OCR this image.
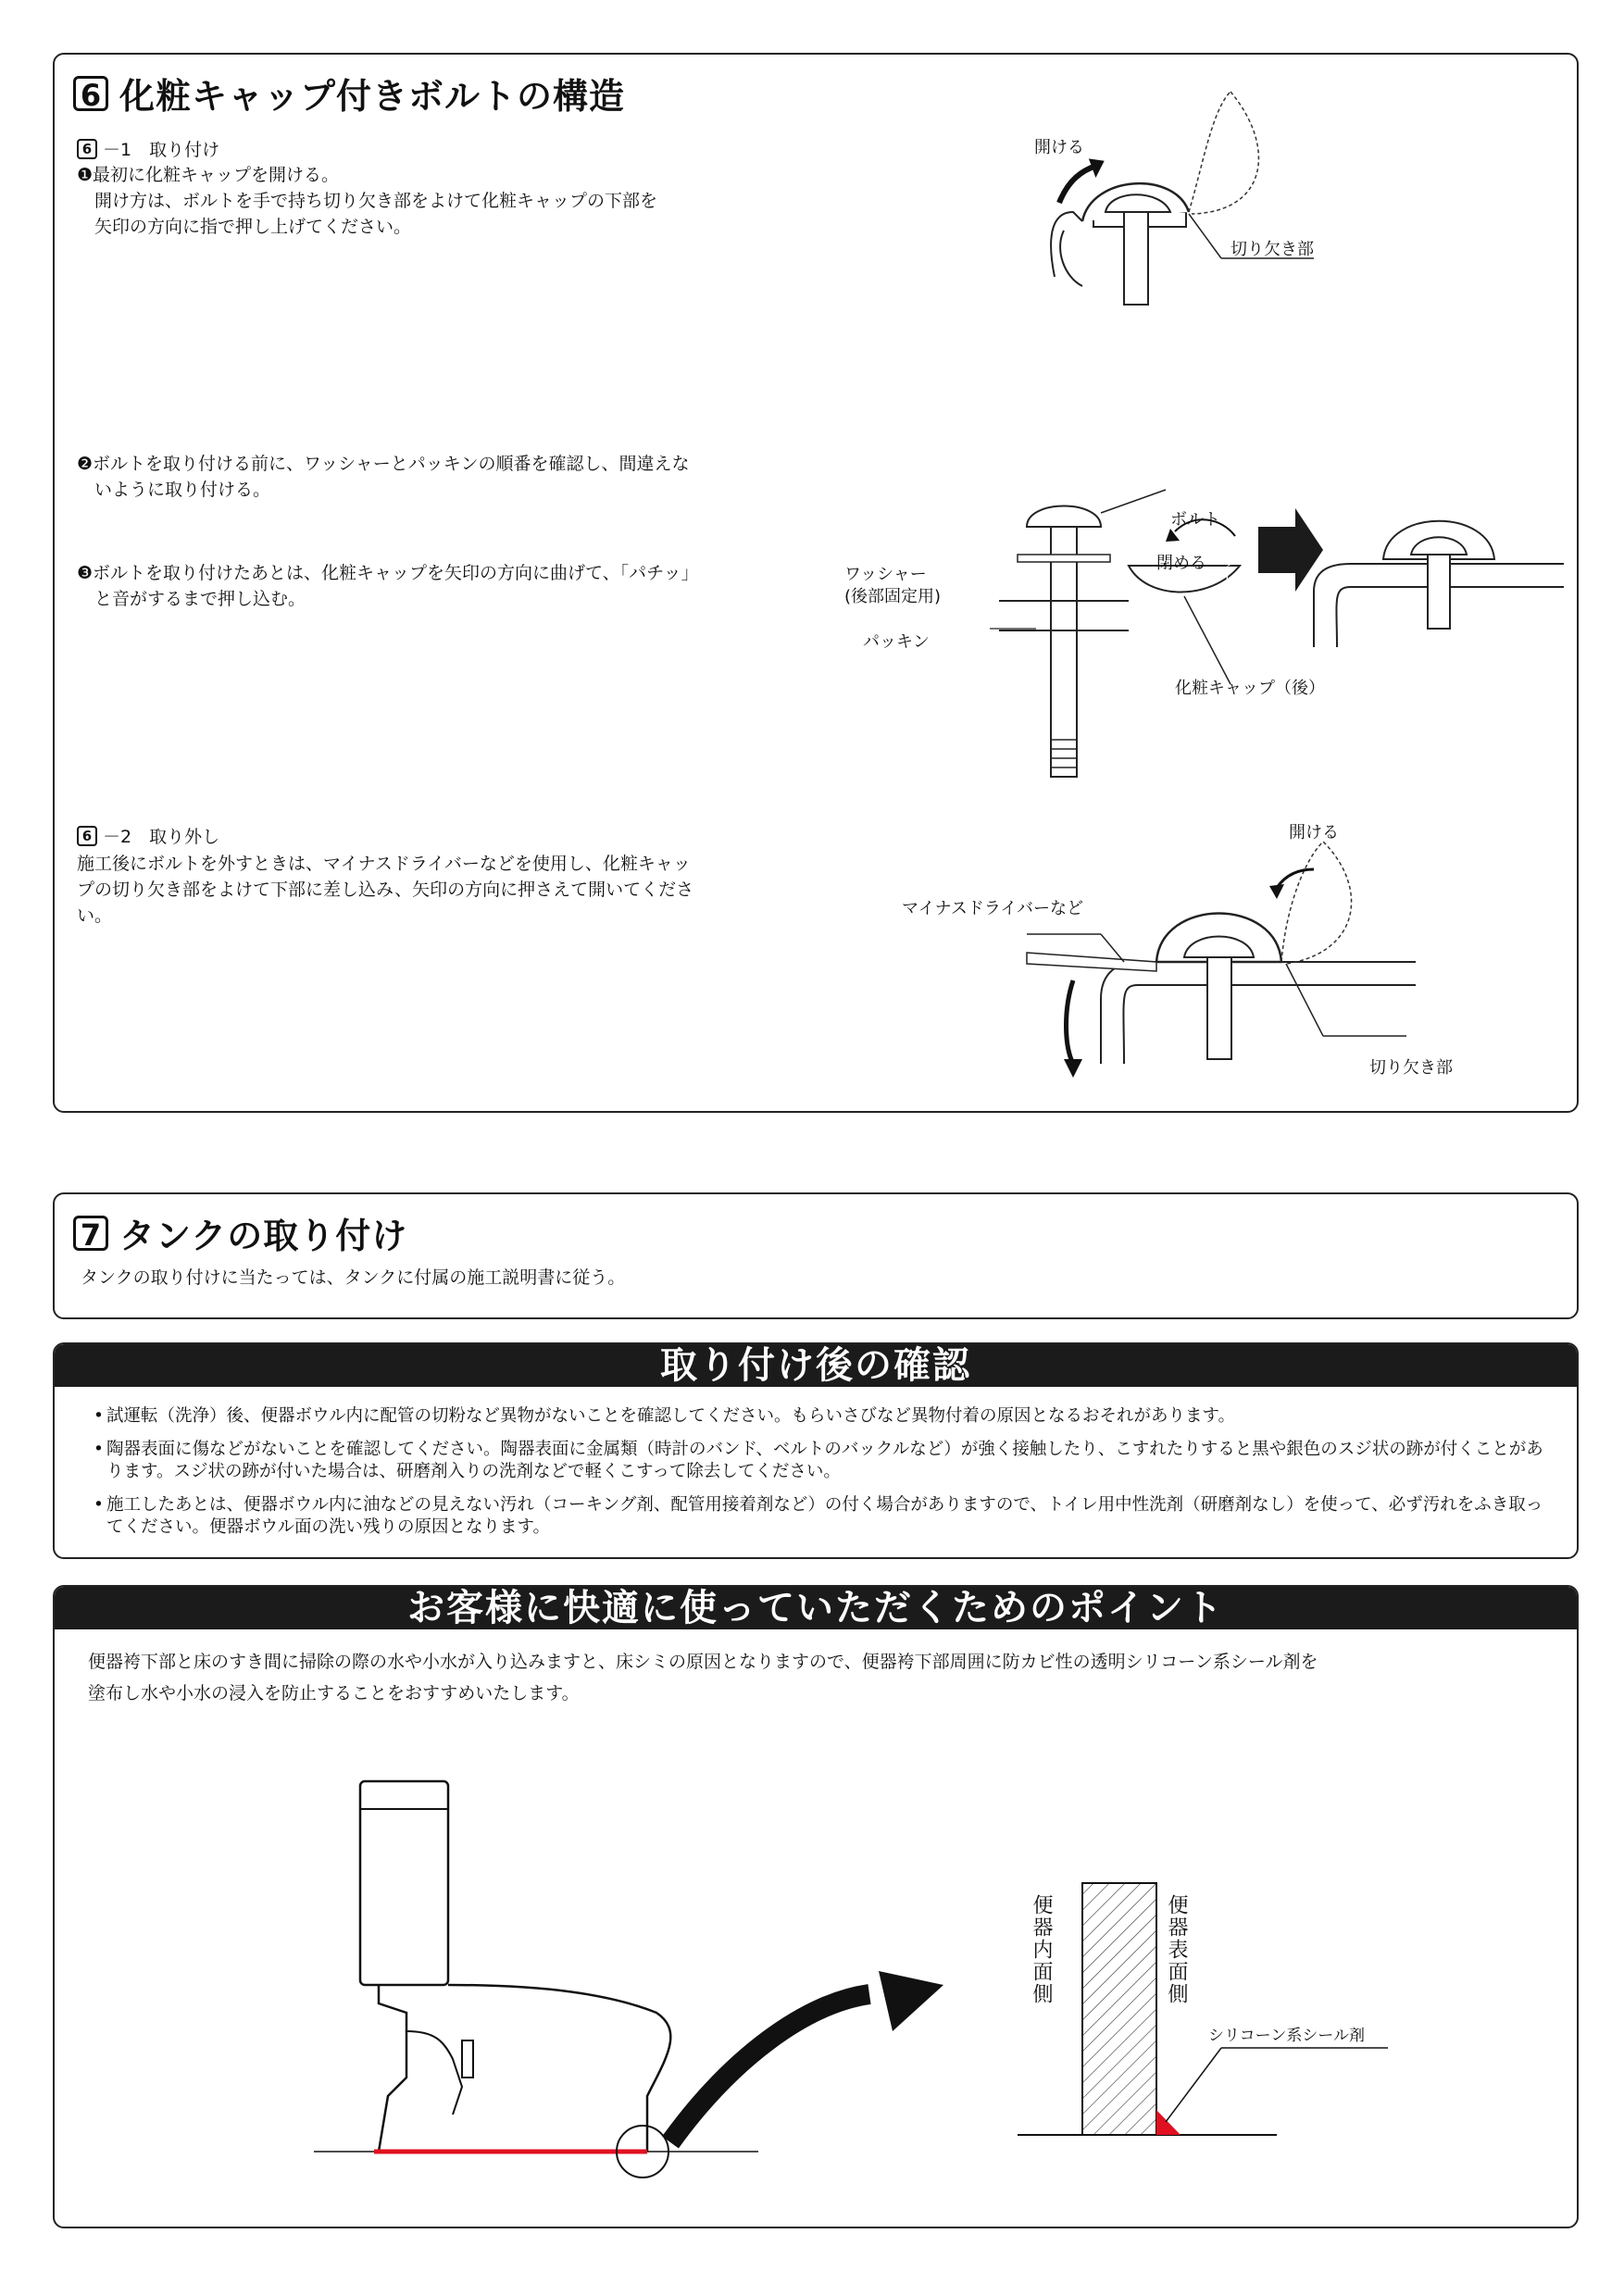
6 化粧キャップ付きボルトの構造
6 －1　取り付け
❶最初に化粧キャップを開ける。
　開け方は、ボルトを手で持ち切り欠き部をよけて化粧キャップの下部を
　矢印の方向に指で押し上げてください。
❷ボルトを取り付ける前に、ワッシャーとパッキンの順番を確認し、間違えな
　いように取り付ける。
❸ボルトを取り付けたあとは、化粧キャップを矢印の方向に曲げて、｢パチッ｣
　と音がするまで押し込む。
6 －2　取り外し
施工後にボルトを外すときは、マイナスドライバーなどを使用し、化粧キャッ
プの切り欠き部をよけて下部に差し込み、矢印の方向に押さえて開いてくださ
い。
開ける
切り欠き部
ボルト
閉める セット後
ワッシャー
(後部固定用)
パッキン
化粧キャップ（後）
開ける
マイナスドライバーなど
切り欠き部
7 タンクの取り付け
タンクの取り付けに当たっては、タンクに付属の施工説明書に従う。
取り付け後の確認
• 試運転（洗浄）後、便器ボウル内に配管の切粉など異物がないことを確認してください。もらいさびなど異物付着の原因となるおそれがあります。
• 陶器表面に傷などがないことを確認してください。陶器表面に金属類（時計のバンド、ベルトのバックルなど）が強く接触したり、こすれたりすると黒や銀色のスジ状の跡が付くことがあります。スジ状の跡が付いた場合は、研磨剤入りの洗剤などで軽くこすって除去してください。
• 施工したあとは、便器ボウル内に油などの見えない汚れ（コーキング剤、配管用接着剤など）の付く場合がありますので、トイレ用中性洗剤（研磨剤なし）を使って、必ず汚れをふき取ってください。便器ボウル面の洗い残りの原因となります。
お客様に快適に使っていただくためのポイント
便器袴下部と床のすき間に掃除の際の水や小水が入り込みますと、床シミの原因となりますので、便器袴下部周囲に防カビ性の透明シリコーン系シール剤を
塗布し水や小水の浸入を防止することをおすすめいたします。
便器内面側	便器表面側
シリコーン系シール剤
